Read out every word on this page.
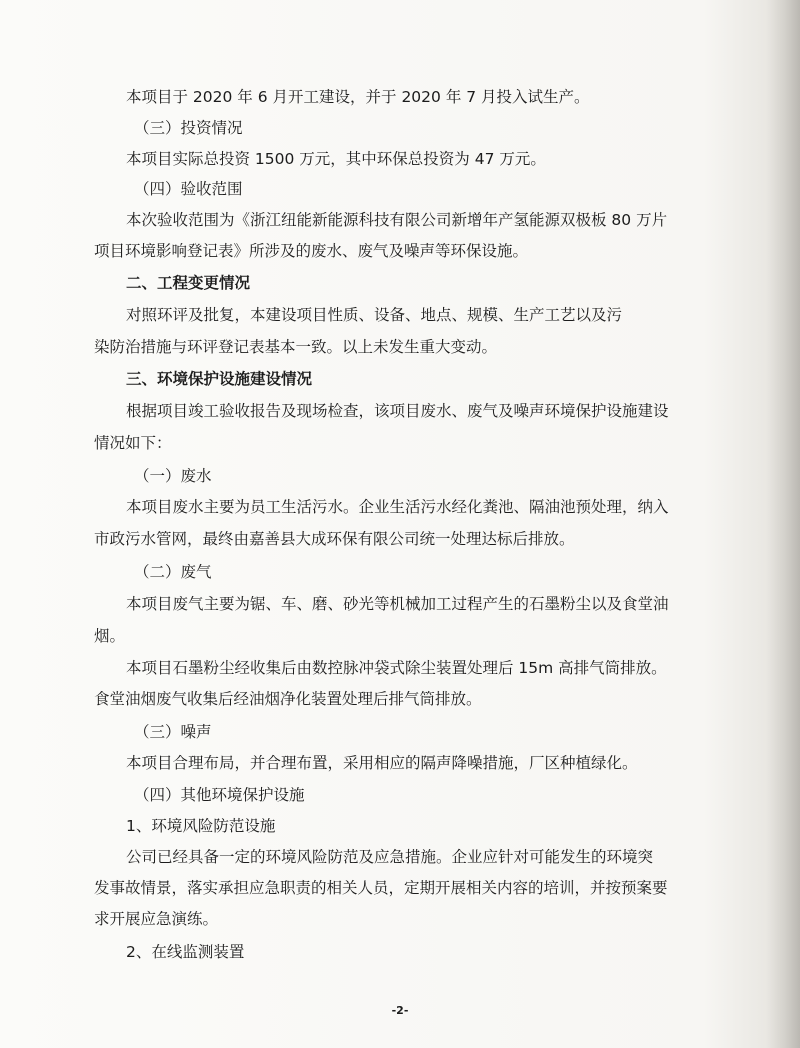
本项目于 2020 年 6 月开工建设，并于 2020 年 7 月投入试生产。
（三）投资情况
本项目实际总投资 1500 万元，其中环保总投资为 47 万元。
（四）验收范围
本次验收范围为《浙江纽能新能源科技有限公司新增年产氢能源双极板 80 万片
项目环境影响登记表》所涉及的废水、废气及噪声等环保设施。
二、工程变更情况
对照环评及批复，本建设项目性质、设备、地点、规模、生产工艺以及污
染防治措施与环评登记表基本一致。以上未发生重大变动。
三、环境保护设施建设情况
根据项目竣工验收报告及现场检查，该项目废水、废气及噪声环境保护设施建设
情况如下：
（一）废水
本项目废水主要为员工生活污水。企业生活污水经化粪池、隔油池预处理，纳入
市政污水管网，最终由嘉善县大成环保有限公司统一处理达标后排放。
（二）废气
本项目废气主要为锯、车、磨、砂光等机械加工过程产生的石墨粉尘以及食堂油
烟。
本项目石墨粉尘经收集后由数控脉冲袋式除尘装置处理后 15m 高排气筒排放。
食堂油烟废气收集后经油烟净化装置处理后排气筒排放。
（三）噪声
本项目合理布局，并合理布置，采用相应的隔声降噪措施，厂区种植绿化。
（四）其他环境保护设施
1、环境风险防范设施
公司已经具备一定的环境风险防范及应急措施。企业应针对可能发生的环境突
发事故情景，落实承担应急职责的相关人员，定期开展相关内容的培训，并按预案要
求开展应急演练。
2、在线监测装置
-2-
